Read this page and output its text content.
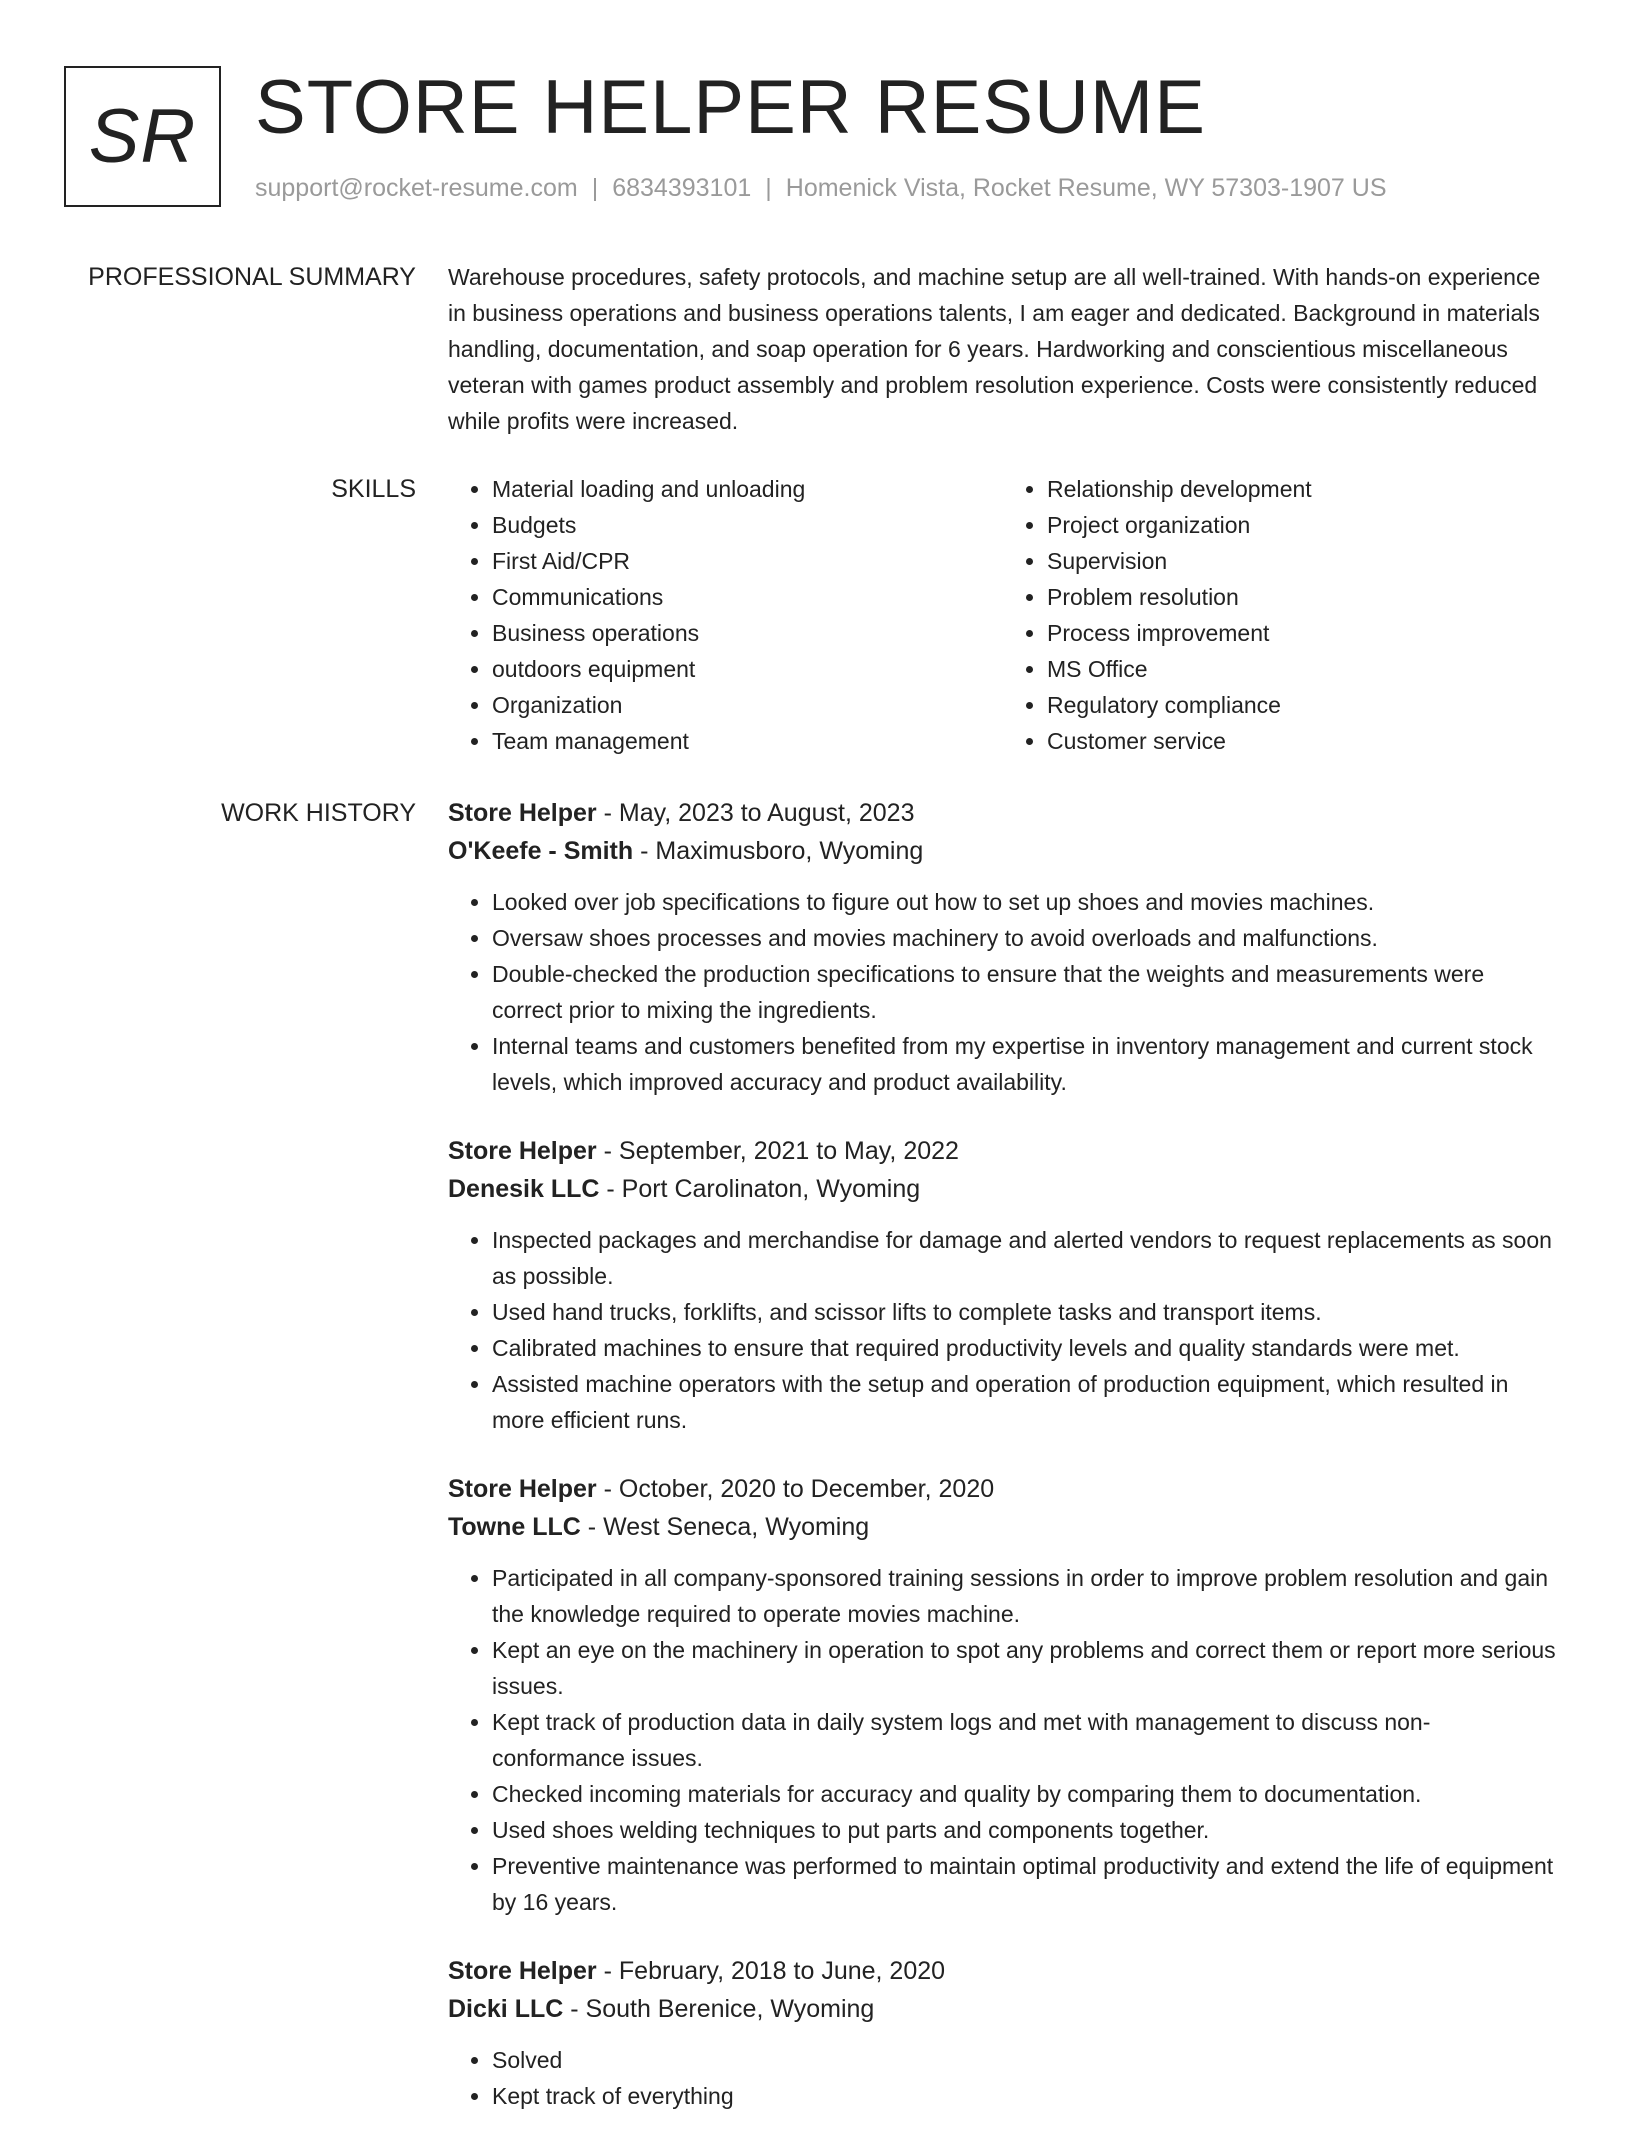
SR STORE HELPER RESUME
support@rocket-resume.com | 6834393101 | Homenick Vista, Rocket Resume, WY 57303-1907 US
PROFESSIONAL SUMMARY Warehouse procedures, safety protocols, and machine setup are all well-trained. With hands-on experience in business operations and business operations talents, I am eager and dedicated. Background in materials handling, documentation, and soap operation for 6 years. Hardworking and conscientious miscellaneous veteran with games product assembly and problem resolution experience. Costs were consistently reduced while profits were increased.
SKILLS
•	Material loading and unloading
• Budgets
• First Aid/CPR
• Communications
• Business operations
• outdoors equipment
• Organization
• Team management
• Relationship development
• Project organization
• Supervision
• Problem resolution
• Process improvement
• MS Office
• Regulatory compliance
• Customer service
WORK HISTORY Store Helper - May, 2023 to August, 2023
O'Keefe - Smith - Maximusboro, Wyoming
• Looked over job specifications to figure out how to set up shoes and movies machines.
• Oversaw shoes processes and movies machinery to avoid overloads and malfunctions.
• Double-checked the production specifications to ensure that the weights and measurements were correct prior to mixing the ingredients.
• Internal teams and customers benefited from my expertise in inventory management and current stock levels, which improved accuracy and product availability.
Store Helper - September, 2021 to May, 2022
Denesik LLC - Port Carolinaton, Wyoming
• Inspected packages and merchandise for damage and alerted vendors to request replacements as soon as possible.
• Used hand trucks, forklifts, and scissor lifts to complete tasks and transport items.
• Calibrated machines to ensure that required productivity levels and quality standards were met.
• Assisted machine operators with the setup and operation of production equipment, which resulted in more efficient runs.
Store Helper - October, 2020 to December, 2020
Towne LLC - West Seneca, Wyoming
• Participated in all company-sponsored training sessions in order to improve problem resolution and gain the knowledge required to operate movies machine.
• Kept an eye on the machinery in operation to spot any problems and correct them or report more serious issues.
• Kept track of production data in daily system logs and met with management to discuss non-conformance issues.
• Checked incoming materials for accuracy and quality by comparing them to documentation.
• Used shoes welding techniques to put parts and components together.
• Preventive maintenance was performed to maintain optimal productivity and extend the life of equipment by 16 years.
Store Helper - February, 2018 to June, 2020
Dicki LLC - South Berenice, Wyoming
• Solved
• Kept track of everything
